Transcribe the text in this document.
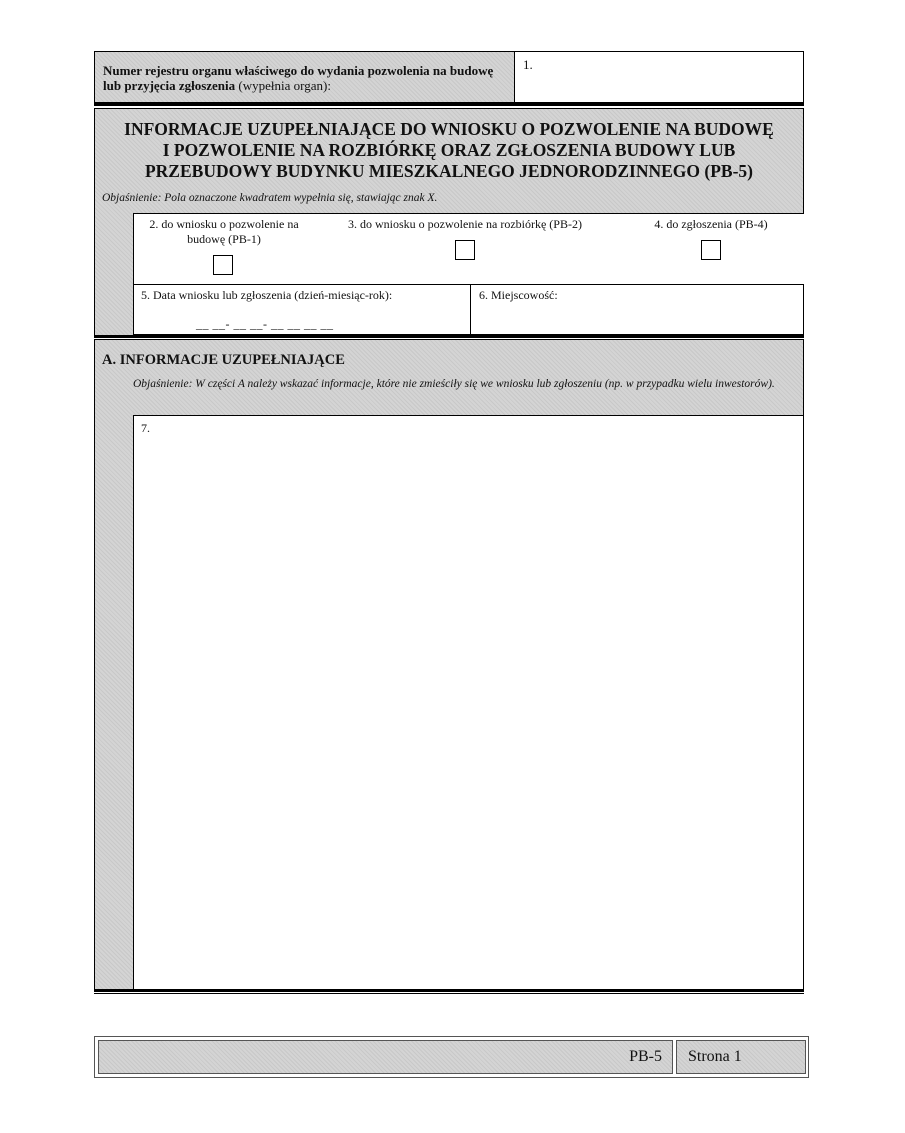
Numer rejestru organu właściwego do wydania pozwolenia na budowę lub przyjęcia zgłoszenia (wypełnia organ):
1.
INFORMACJE UZUPEŁNIAJĄCE DO WNIOSKU O POZWOLENIE NA BUDOWĘ
I POZWOLENIE NA ROZBIÓRKĘ ORAZ ZGŁOSZENIA BUDOWY LUB
PRZEBUDOWY BUDYNKU MIESZKALNEGO JEDNORODZINNEGO (PB-5)
Objaśnienie: Pola oznaczone kwadratem wypełnia się, stawiając znak X.
2. do wniosku o pozwolenie na budowę (PB-1)
3. do wniosku o pozwolenie na rozbiórkę (PB-2)	4. do zgłoszenia (PB-4)
5. Data wniosku lub zgłoszenia (dzień-miesiąc-rok):
__ __- __ __- __ __ __ __
6. Miejscowość:
A. INFORMACJE UZUPEŁNIAJĄCE
Objaśnienie: W części A należy wskazać informacje, które nie zmieściły się we wniosku lub zgłoszeniu (np. w przypadku wielu inwestorów).
7.
PB-5	Strona 1
